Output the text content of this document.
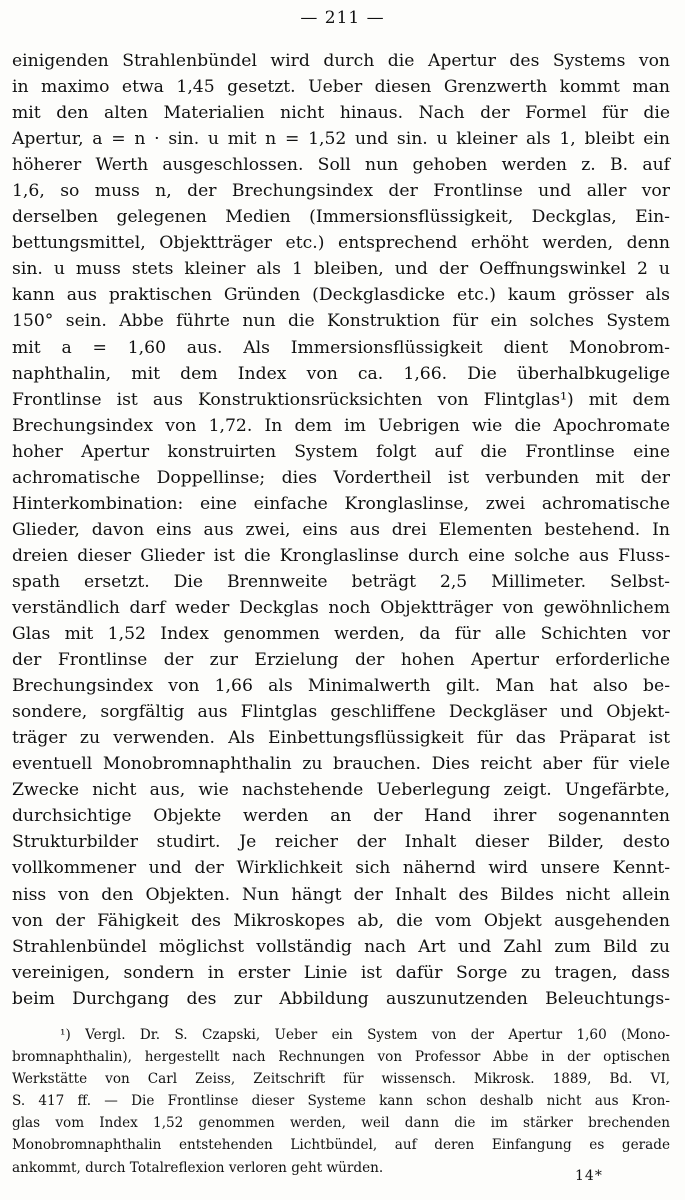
— 211 —
einigenden Strahlenbündel wird durch die Apertur des Systems von
in maximo etwa 1,45 gesetzt. Ueber diesen Grenzwerth kommt man
mit den alten Materialien nicht hinaus. Nach der Formel für die
Apertur, a = n · sin. u mit n = 1,52 und sin. u kleiner als 1, bleibt ein
höherer Werth ausgeschlossen. Soll nun gehoben werden z. B. auf
1,6, so muss n, der Brechungsindex der Frontlinse und aller vor
derselben gelegenen Medien (Immersionsflüssigkeit, Deckglas, Ein-
bettungsmittel, Objektträger etc.) entsprechend erhöht werden, denn
sin. u muss stets kleiner als 1 bleiben, und der Oeffnungswinkel 2 u
kann aus praktischen Gründen (Deckglasdicke etc.) kaum grösser als
150° sein. Abbe führte nun die Konstruktion für ein solches System
mit a = 1,60 aus. Als Immersionsflüssigkeit dient Monobrom-
naphthalin, mit dem Index von ca. 1,66. Die überhalbkugelige
Frontlinse ist aus Konstruktionsrücksichten von Flintglas¹) mit dem
Brechungsindex von 1,72. In dem im Uebrigen wie die Apochromate
hoher Apertur konstruirten System folgt auf die Frontlinse eine
achromatische Doppellinse; dies Vordertheil ist verbunden mit der
Hinterkombination: eine einfache Kronglaslinse, zwei achromatische
Glieder, davon eins aus zwei, eins aus drei Elementen bestehend. In
dreien dieser Glieder ist die Kronglaslinse durch eine solche aus Fluss-
spath ersetzt. Die Brennweite beträgt 2,5 Millimeter. Selbst-
verständlich darf weder Deckglas noch Objektträger von gewöhnlichem
Glas mit 1,52 Index genommen werden, da für alle Schichten vor
der Frontlinse der zur Erzielung der hohen Apertur erforderliche
Brechungsindex von 1,66 als Minimalwerth gilt. Man hat also be-
sondere, sorgfältig aus Flintglas geschliffene Deckgläser und Objekt-
träger zu verwenden. Als Einbettungsflüssigkeit für das Präparat ist
eventuell Monobromnaphthalin zu brauchen. Dies reicht aber für viele
Zwecke nicht aus, wie nachstehende Ueberlegung zeigt. Ungefärbte,
durchsichtige Objekte werden an der Hand ihrer sogenannten
Strukturbilder studirt. Je reicher der Inhalt dieser Bilder, desto
vollkommener und der Wirklichkeit sich nähernd wird unsere Kennt-
niss von den Objekten. Nun hängt der Inhalt des Bildes nicht allein
von der Fähigkeit des Mikroskopes ab, die vom Objekt ausgehenden
Strahlenbündel möglichst vollständig nach Art und Zahl zum Bild zu
vereinigen, sondern in erster Linie ist dafür Sorge zu tragen, dass
beim Durchgang des zur Abbildung auszunutzenden Beleuchtungs-
¹) Vergl. Dr. S. Czapski, Ueber ein System von der Apertur 1,60 (Mono-
bromnaphthalin), hergestellt nach Rechnungen von Professor Abbe in der optischen
Werkstätte von Carl Zeiss, Zeitschrift für wissensch. Mikrosk. 1889, Bd. VI,
S. 417 ff. — Die Frontlinse dieser Systeme kann schon deshalb nicht aus Kron-
glas vom Index 1,52 genommen werden, weil dann die im stärker brechenden
Monobromnaphthalin entstehenden Lichtbündel, auf deren Einfangung es gerade
ankommt, durch Totalreflexion verloren geht würden.
14*
